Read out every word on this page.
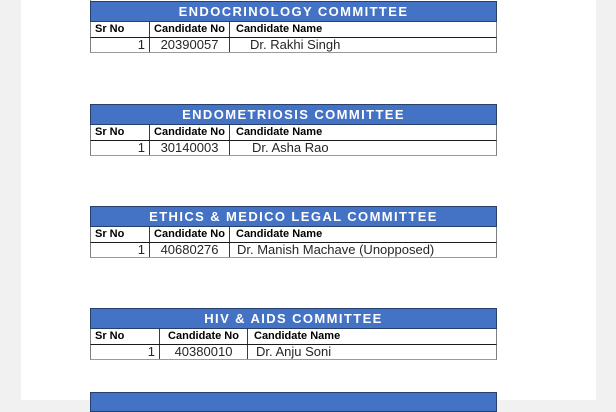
ENDOCRINOLOGY COMMITTEE
Sr No	Candidate No	Candidate Name
1	20390057	Dr. Rakhi Singh
ENDOMETRIOSIS COMMITTEE
Sr No	Candidate No	Candidate Name
1	30140003	Dr. Asha Rao
ETHICS & MEDICO LEGAL COMMITTEE
Sr No	Candidate No	Candidate Name
1	40680276	Dr. Manish Machave (Unopposed)
HIV & AIDS COMMITTEE
Sr No	Candidate No	Candidate Name
1	40380010	Dr. Anju Soni
